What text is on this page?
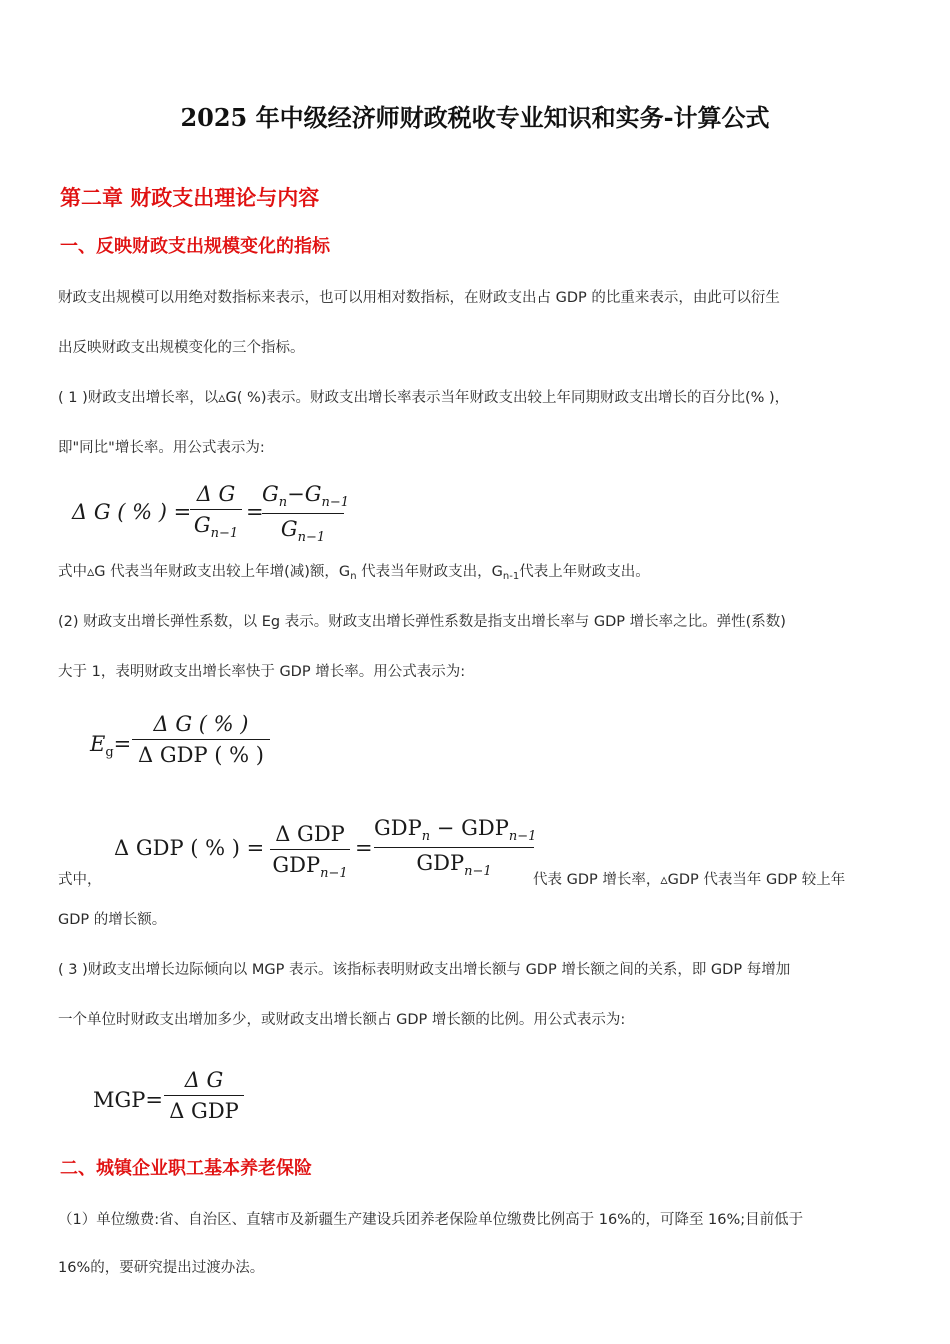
2025 年中级经济师财政税收专业知识和实务-计算公式
第二章 财政支出理论与内容
一、反映财政支出规模变化的指标
财政支出规模可以用绝对数指标来表示，也可以用相对数指标，在财政支出占 GDP 的比重来表示，由此可以衍生
出反映财政支出规模变化的三个指标。
( 1 )财政支出增长率，以▵G( %)表示。财政支出增长率表示当年财政支出较上年同期财政支出增长的百分比(% )，
即"同比"增长率。用公式表示为:
Δ G ( % ) =
Δ G
$G_{n-1}$
=
$G_n-G_{n-1}$
$G_{n-1}$
式中▵G 代表当年财政支出较上年增(减)额，$G_n$ 代表当年财政支出，$G_{n-1}$代表上年财政支出。
(2) 财政支出增长弹性系数，以 Eg 表示。财政支出增长弹性系数是指支出增长率与 GDP 增长率之比。弹性(系数)
大于 1，表明财政支出增长率快于 GDP 增长率。用公式表示为:
$E_g=$
Δ G ( % )
Δ GDP ( % )
式中，
Δ GDP ( % ) =
Δ GDP
$GDP_{n-1}$
=
$GDP_n - GDP_{n-1}$
$GDP_{n-1}$
代表 GDP 增长率，▵GDP 代表当年 GDP 较上年
GDP 的增长额。
( 3 )财政支出增长边际倾向以 MGP 表示。该指标表明财政支出增长额与 GDP 增长额之间的关系，即 GDP 每增加
一个单位时财政支出增加多少，或财政支出增长额占 GDP 增长额的比例。用公式表示为:
MGP=
Δ G
Δ GDP
二、城镇企业职工基本养老保险
（1）单位缴费:省、自治区、直辖市及新疆生产建设兵团养老保险单位缴费比例高于 16%的，可降至 16%;目前低于
16%的，要研究提出过渡办法。
